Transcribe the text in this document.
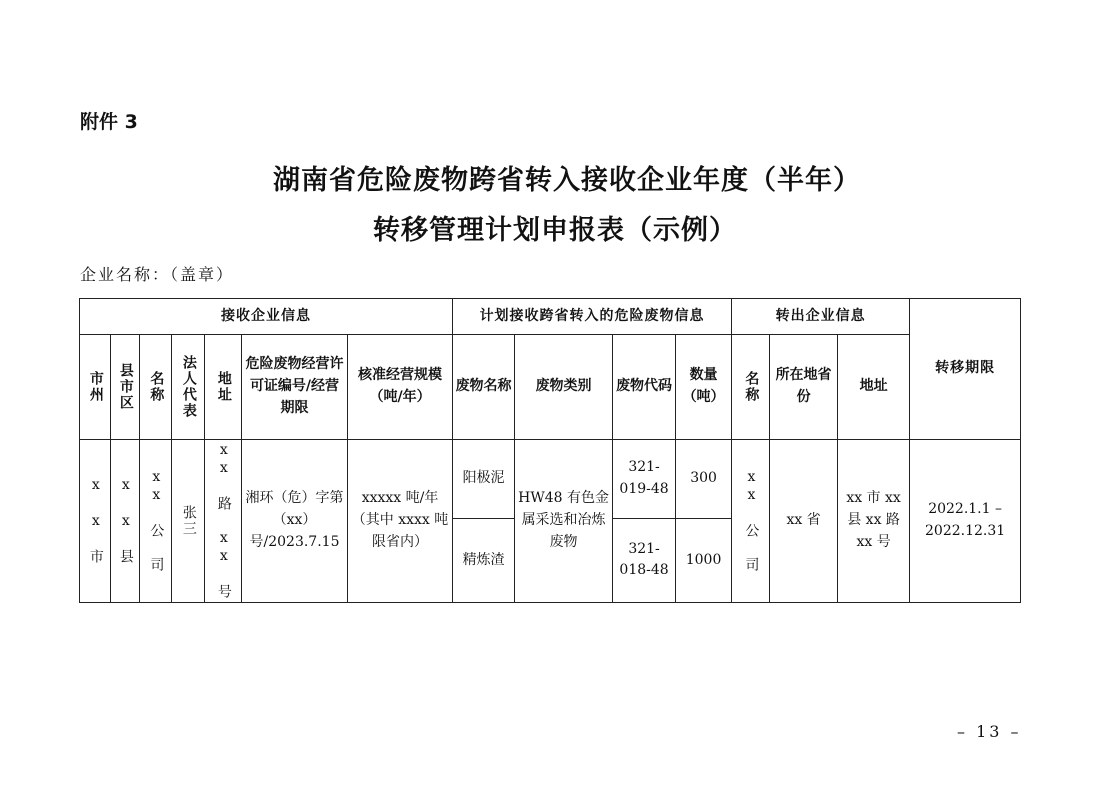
附件 3
湖南省危险废物跨省转入接收企业年度（半年）
转移管理计划申报表（示例）
企业名称：（盖章）
接收企业信息							计划接收跨省转入的危险废物信息				转出企业信息			转移期限

市州	县市区	名称	法人代表	地址	危险废物经营许可证编号/经营期限	核准经营规模（吨/年）	废物名称	废物类别	废物代码	数量（吨）	名称	所在地省份	地址	

x x 市	x x 县	xx 公 司	张三	xx 路 xx 号	湘环（危）字第（xx）号/2023.7.15	xxxxx 吨/年（其中 xxxx 吨限省内）	阳极泥	HW48 有色金属采选和冶炼废物	321-019-48	300	xx 公 司	xx 省	xx 市 xx 县 xx 路 xx 号	2022.1.1 – 2022.12.31
							精炼渣		321-018-48	1000				
– 13 –
